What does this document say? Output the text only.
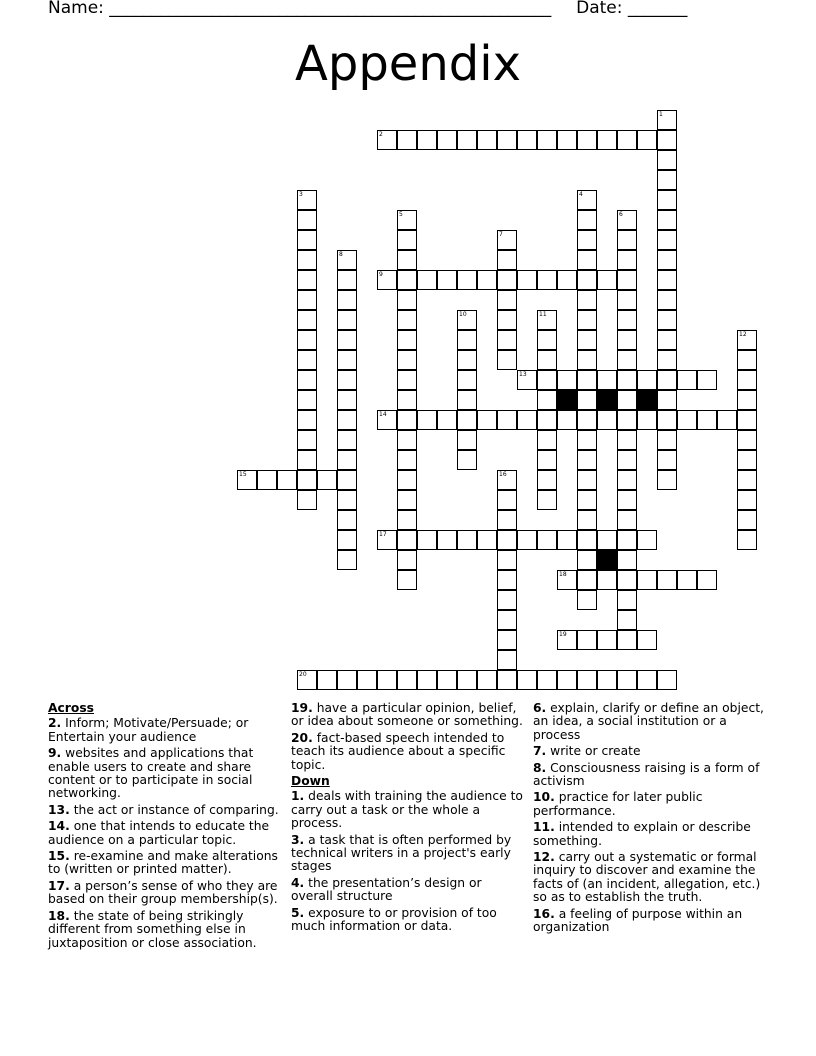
Name: ____________________________________________________ Date: _______
Appendix
1
2
3	4
5	6
7
8
9
10	11
12
13
14
15	16
17
18
19
20
Across
2. Inform; Motivate/Persuade; or Entertain your audience
9. websites and applications that enable users to create and share content or to participate in social networking.
13. the act or instance of comparing.
14. one that intends to educate the audience on a particular topic.
15. re-examine and make alterations to (written or printed matter).
17. a person’s sense of who they are based on their group membership(s).
18. the state of being strikingly different from something else in juxtaposition or close association.
19. have a particular opinion, belief, or idea about someone or something.
20. fact-based speech intended to teach its audience about a specific topic.
Down
1. deals with training the audience to carry out a task or the whole a process.
3. a task that is often performed by technical writers in a project's early stages
4. the presentation’s design or overall structure
5. exposure to or provision of too much information or data.
6. explain, clarify or define an object, an idea, a social institution or a process
7. write or create
8. Consciousness raising is a form of activism
10. practice for later public performance.
11. intended to explain or describe something.
12. carry out a systematic or formal inquiry to discover and examine the facts of (an incident, allegation, etc.) so as to establish the truth.
16. a feeling of purpose within an organization
